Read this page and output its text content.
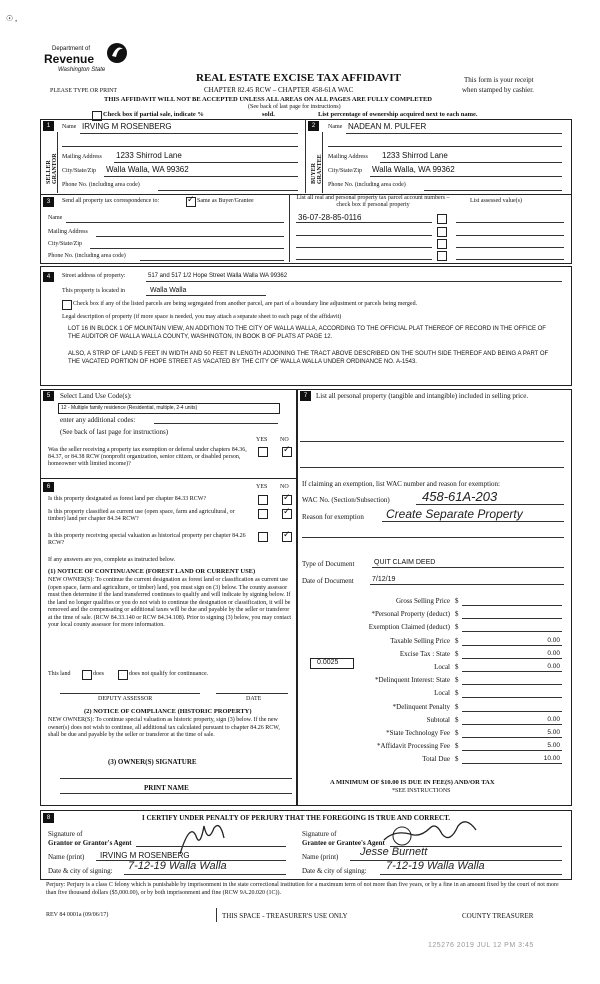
☉ ,
Department of
Revenue
Washington State
PLEASE TYPE OR PRINT
REAL ESTATE EXCISE TAX AFFIDAVIT
CHAPTER 82.45 RCW – CHAPTER 458-61A WAC
This form is your receipt
when stamped by cashier.
THIS AFFIDAVIT WILL NOT BE ACCEPTED UNLESS ALL AREAS ON ALL PAGES ARE FULLY COMPLETED
(See back of last page for instructions)
Check box if partial sale, indicate %	sold.	List percentage of ownership acquired next to each name.
1
SELLER GRANTOR
Name IRVING M ROSENBERG
Mailing Address 1233 Shirrod Lane
City/State/Zip Walla Walla, WA 99362
Phone No. (including area code)
2
BUYER GRANTEE
Name NADEAN M. PULFER
Mailing Address 1233 Shirrod Lane
City/State/Zip Walla Walla, WA 99362
Phone No. (including area code)
3	Send all property tax correspondence to:
✓	Same as Buyer/Grantee
Name
Mailing Address
City/State/Zip
Phone No. (including area code)
List all real and personal property tax parcel account numbers – check box if personal property
List assessed value(s)
36-07-28-85-0116
4	Street address of property:	517 and 517 1/2 Hope Street Walla Walla WA 99362
This property is located in	Walla Walla
Check box if any of the listed parcels are being segregated from another parcel, are part of a boundary line adjustment or parcels being merged.
Legal description of property (if more space is needed, you may attach a separate sheet to each page of the affidavit)
LOT 16 IN BLOCK 1 OF MOUNTAIN VIEW, AN ADDITION TO THE CITY OF WALLA WALLA, ACCORDING TO THE OFFICIAL PLAT THEREOF OF RECORD IN THE OFFICE OF THE AUDITOR OF WALLA WALLA COUNTY, WASHINGTON, IN BOOK B OF PLATS AT PAGE 12.
ALSO, A STRIP OF LAND 5 FEET IN WIDTH AND 50 FEET IN LENGTH ADJOINING THE TRACT ABOVE DESCRIBED ON THE SOUTH SIDE THEREOF AND BEING A PART OF THE VACATED PORTION OF HOPE STREET AS VACATED BY THE CITY OF WALLA WALLA UNDER ORDINANCE NO. A-1543.
5	Select Land Use Code(s):
12 - Multiple family residence (Residential, multiple, 2-4 units)
enter any additional codes:
(See back of last page for instructions)
YES NO
Was the seller receiving a property tax exemption or deferral under chapters 84.36, 84.37, or 84.38 RCW (nonprofit organization, senior citizen, or disabled person, homeowner with limited income)?
✓
6	YES NO
Is this property designated as forest land per chapter 84.33 RCW?
✓
Is this property classified as current use (open space, farm and agricultural, or timber) land per chapter 84.34 RCW?
✓
Is this property receiving special valuation as historical property per chapter 84.26 RCW?
✓
If any answers are yes, complete as instructed below.
(1) NOTICE OF CONTINUANCE (FOREST LAND OR CURRENT USE)
NEW OWNER(S): To continue the current designation as forest land or classification as current use (open space, farm and agriculture, or timber) land, you must sign on (3) below. The county assessor must then determine if the land transferred continues to qualify and will indicate by signing below. If the land no longer qualifies or you do not wish to continue the designation or classification, it will be removed and the compensating or additional taxes will be due and payable by the seller or transferor at the time of sale. (RCW 84.33.140 or RCW 84.34.108). Prior to signing (3) below, you may contact your local county assessor for more information.
This land	does	does not qualify for continuance.
DEPUTY ASSESSOR	DATE
(2) NOTICE OF COMPLIANCE (HISTORIC PROPERTY)
NEW OWNER(S): To continue special valuation as historic property, sign (3) below. If the new owner(s) does not wish to continue, all additional tax calculated pursuant to chapter 84.26 RCW, shall be due and payable by the seller or transferor at the time of sale.
(3) OWNER(S) SIGNATURE
PRINT NAME
7	List all personal property (tangible and intangible) included in selling price.
If claiming an exemption, list WAC number and reason for exemption:
WAC No. (Section/Subsection) 458-61A-203
Reason for exemption Create Separate Property
Type of Document	QUIT CLAIM DEED
Date of Document	7/12/19
Gross Selling Price $
*Personal Property (deduct) $
Exemption Claimed (deduct) $
Taxable Selling Price $	0.00
Excise Tax : State $	0.00
Local $	0.00
*Delinquent Interest: State $
Local $
*Delinquent Penalty $
Subtotal $	0.00
*State Technology Fee $	5.00
*Affidavit Processing Fee $	5.00
Total Due $	10.00
0.0025
A MINIMUM OF $10.00 IS DUE IN FEE(S) AND/OR TAX
*SEE INSTRUCTIONS
8	I CERTIFY UNDER PENALTY OF PERJURY THAT THE FOREGOING IS TRUE AND CORRECT.
Signature of
Grantor or Grantor's Agent
Name (print) IRVING M ROSENBERG
Date & city of signing: 7-12-19 Walla Walla
Signature of
Grantee or Grantee's Agent
Name (print) Jesse Burnett
Date & city of signing: 7-12-19 Walla Walla
Perjury: Perjury is a class C felony which is punishable by imprisonment in the state correctional institution for a maximum term of not more than five years, or by a fine in an amount fixed by the court of not more than five thousand dollars ($5,000.00), or by both imprisonment and fine (RCW 9A.20.020 (1C)).
REV 84 0001a (09/06/17)	THIS SPACE - TREASURER'S USE ONLY	COUNTY TREASURER
125276 2019 JUL 12 PM 3:45
